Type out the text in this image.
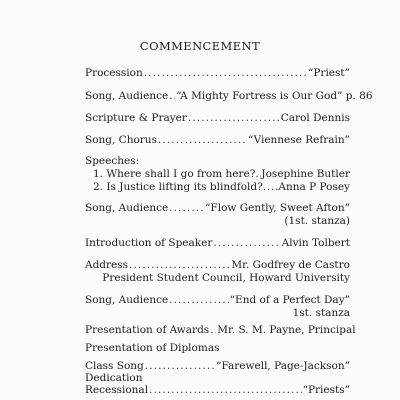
COMMENCEMENT
Procession .....	“Priest”
Song, Audience ..... “A Mighty Fortress is Our God” p. 86
Scripture & Prayer .....	Carol Dennis
Song, Chorus .....	“Viennese Refrain”
Speeches:
1. Where shall I go from here? ..... Josephine Butler
2. Is Justice lifting its blindfold? ..... Anna P Posey
Song, Audience .....	“Flow Gently, Sweet Afton”
(1st. stanza)
Introduction of Speaker .....	Alvin Tolbert
Address .....	Mr. Godfrey de Castro
President Student Council, Howard University
Song, Audience .....	“End of a Perfect Day”
1st. stanza
Presentation of Awards ..... Mr. S. M. Payne, Principal
Presentation of Diplomas
Class Song .....	“Farewell, Page-Jackson”
Dedication
Recessional .....	“Priests”
